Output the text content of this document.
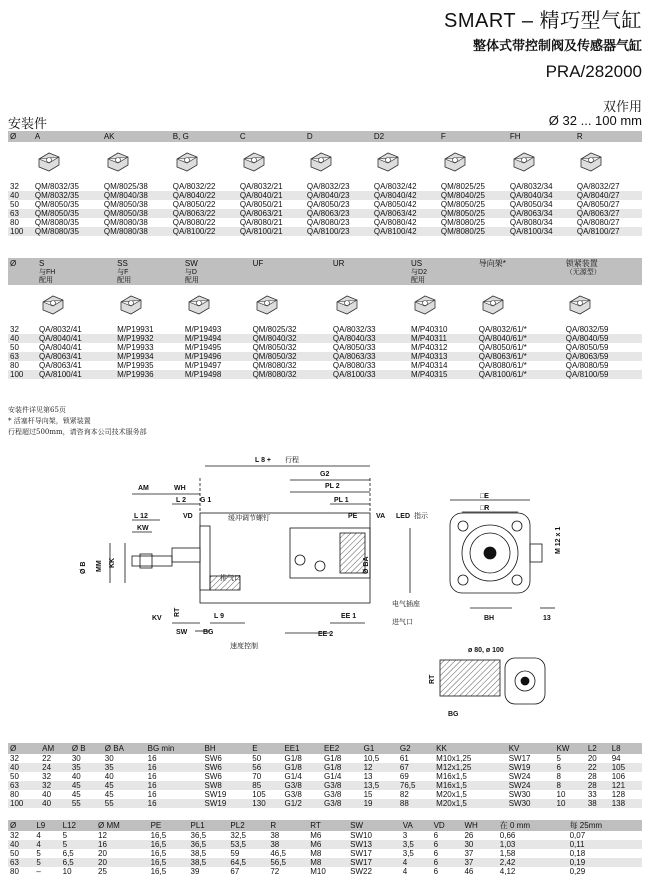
SMART – 精巧型气缸
整体式带控制阀及传感器气缸
PRA/282000
双作用
安装件	Ø 32 ... 100 mm
Ø	A	AK	B, G	C	D	D2	F	FH	R

32	QM/8032/35	QM/8025/38	QA/8032/22	QA/8032/21	QA/8032/23	QA/8032/42	QM/8025/25	QA/8032/34	QA/8032/27
40	QM/8032/35	QM/8040/38	QA/8040/22	QA/8040/21	QA/8040/23	QA/8040/42	QM/8040/25	QA/8040/34	QA/8040/27
50	QM/8050/35	QM/8050/38	QA/8050/22	QA/8050/21	QA/8050/23	QA/8050/42	QM/8050/25	QA/8050/34	QA/8050/27
63	QM/8050/35	QM/8050/38	QA/8063/22	QA/8063/21	QA/8063/23	QA/8063/42	QM/8050/25	QA/8063/34	QA/8063/27
80	QM/8080/35	QM/8080/38	QA/8080/22	QA/8080/21	QA/8080/23	QA/8080/42	QM/8080/25	QA/8080/34	QA/8080/27
100	QM/8080/35	QM/8080/38	QA/8100/22	QA/8100/21	QA/8100/23	QA/8100/42	QM/8080/25	QA/8100/34	QA/8100/27
Ø	S	SS	SW	UF	UR	US	导向架*	锁紧装置
	与FH	与F	与D			与D2		（无源型）
	配用	配用	配用			配用		

32	QA/8032/41	M/P19931	M/P19493	QM/8025/32	QA/8032/33	M/P40310	QA/8032/61/*	QA/8032/59
40	QA/8040/41	M/P19932	M/P19494	QM/8040/32	QA/8040/33	M/P40311	QA/8040/61/*	QA/8040/59
50	QA/8040/41	M/P19933	M/P19495	QM/8050/32	QA/8050/33	M/P40312	QA/8050/61/*	QA/8050/59
63	QA/8063/41	M/P19934	M/P19496	QM/8050/32	QA/8063/33	M/P40313	QA/8063/61/*	QA/8063/59
80	QA/8063/41	M/P19935	M/P19497	QM/8080/32	QA/8080/33	M/P40314	QA/8080/61/*	QA/8080/59
100	QA/8100/41	M/P19936	M/P19498	QM/8080/32	QA/8100/33	M/P40315	QA/8100/61/*	QA/8100/59
安装件详见第65页
* 活塞杆导向架，锁紧装置
行程超过500mm，请咨询本公司技术服务部
L 8 + 行程
G2
PL 2
AM	WH
L 2 G 1	PL 1
L 12	VD	PE	VA LED 指示
KW
缓冲调节螺钉
Ø B MM KK	Ø BA
排气口
KV
RT	L 9	EE 1
EE 2
SW BG
速度控制
电气插座
进气口
□E
□R
M 12 x 1
BH	13
ø 80, ø 100
RT
BG
Ø	AM	Ø B	Ø BA	BG min	BH	E	EE1	EE2	G1	G2	KK	KV	KW	L2	L8
32	22	30	30	16	SW6	50	G1/8	G1/8	10,5	61	M10x1,25	SW17	5	20	94
40	24	35	35	16	SW6	56	G1/8	G1/8	12	67	M12x1,25	SW19	6	22	105
50	32	40	40	16	SW6	70	G1/4	G1/4	13	69	M16x1,5	SW24	8	28	106
63	32	45	45	16	SW8	85	G3/8	G3/8	13,5	76,5	M16x1,5	SW24	8	28	121
80	40	45	45	16	SW19	105	G3/8	G3/8	15	82	M20x1,5	SW30	10	33	128
100	40	55	55	16	SW19	130	G1/2	G3/8	19	88	M20x1,5	SW30	10	38	138
Ø	L9	L12	Ø MM	PE	PL1	PL2	R	RT	SW	VA	VD	WH	在 0 mm	每 25mm
32	4	5	12	16,5	36,5	32,5	38	M6	SW10	3	6	26	0,66	0,07
40	4	5	16	16,5	36,5	53,5	38	M6	SW13	3,5	6	30	1,03	0,11
50	5	6,5	20	16,5	38,5	59	46,5	M8	SW17	3,5	6	37	1,58	0,18
63	5	6,5	20	16,5	38,5	64,5	56,5	M8	SW17	4	6	37	2,42	0,19
80	–	10	25	16,5	39	67	72	M10	SW22	4	6	46	4,12	0,29
